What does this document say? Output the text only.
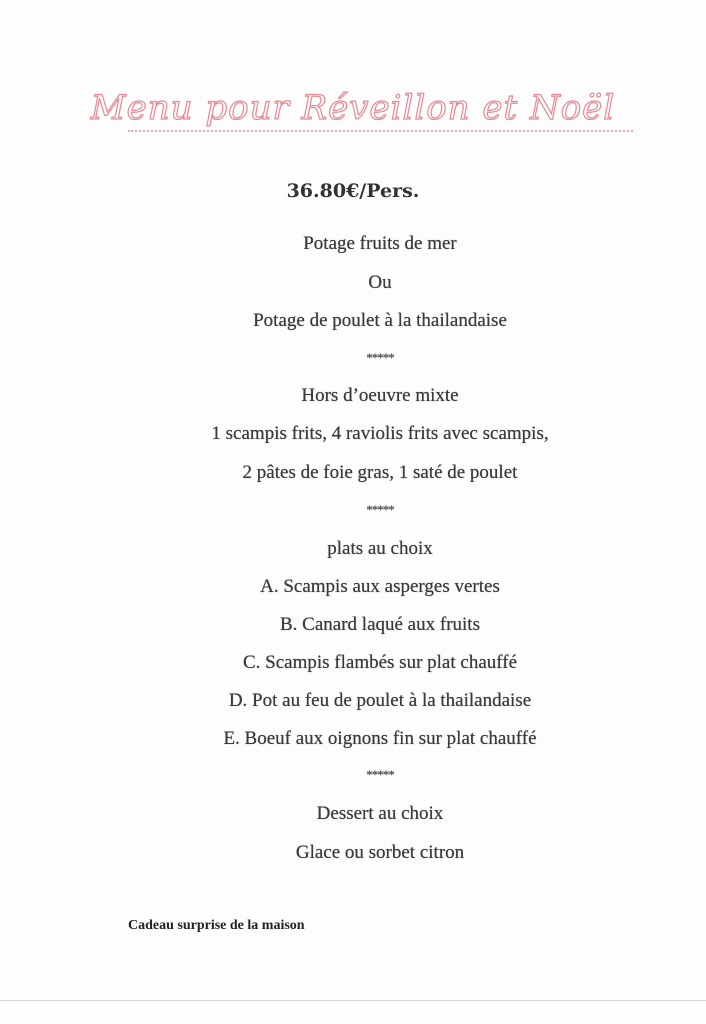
Menu pour Réveillon et Noël
36.80€/Pers.
Potage fruits de mer
Ou
Potage de poulet à la thailandaise
*****
Hors d’oeuvre mixte
1 scampis frits, 4 raviolis frits avec scampis,
2 pâtes de foie gras, 1 saté de poulet
*****
plats au choix
A. Scampis aux asperges vertes
B. Canard laqué aux fruits
C. Scampis flambés sur plat chauffé
D. Pot au feu de poulet à la thailandaise
E. Boeuf aux oignons fin sur plat chauffé
*****
Dessert au choix
Glace ou sorbet citron
Cadeau surprise de la maison
